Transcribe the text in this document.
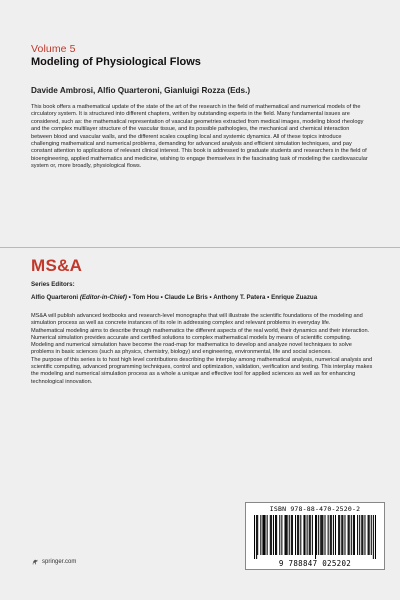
Volume 5
Modeling of Physiological Flows
Davide Ambrosi, Alfio Quarteroni, Gianluigi Rozza (Eds.)
This book offers a mathematical update of the state of the art of the research in the field of mathematical and numerical models of the circulatory system. It is structured into different chapters, written by outstanding experts in the field. Many fundamental issues are considered, such as: the mathematical representation of vascular geometries extracted from medical images, modeling blood rheology and the complex multilayer structure of the vascular tissue, and its possible pathologies, the mechanical and chemical interaction between blood and vascular walls, and the different scales coupling local and systemic dynamics. All of these topics introduce challenging mathematical and numerical problems, demanding for advanced analysis and efficient simulation techniques, and pay constant attention to applications of relevant clinical interest. This book is addressed to graduate students and researchers in the field of bioengineering, applied mathematics and medicine, wishing to engage themselves in the fascinating task of modeling the cardiovascular system or, more broadly, physiological flows.
MS&A
Series Editors:
Alfio Quarteroni (Editor-in-Chief) • Tom Hou • Claude Le Bris • Anthony T. Patera • Enrique Zuazua
MS&A will publish advanced textbooks and research-level monographs that will illustrate the scientific foundations of the modeling and simulation process as well as concrete instances of its role in addressing complex and relevant problems in everyday life.
Mathematical modeling aims to describe through mathematics the different aspects of the real world, their dynamics and their interaction. Numerical simulation provides accurate and certified solutions to complex mathematical models by means of scientific computing. Modeling and numerical simulation have become the road-map for mathematics to develop and analyze novel techniques to solve problems in basic sciences (such as physics, chemistry, biology) and engineering, environmental, life and social sciences.
The purpose of this series is to host high level contributions describing the interplay among mathematical analysis, numerical analysis and scientific computing, advanced programming techniques, control and optimization, validation, verification and testing. This interplay makes the modeling and numerical simulation process as a whole a unique and effective tool for applied sciences as well as for enhancing technological innovation.
ISBN 978-88-470-2520-2
9 788847 025202
springer.com
